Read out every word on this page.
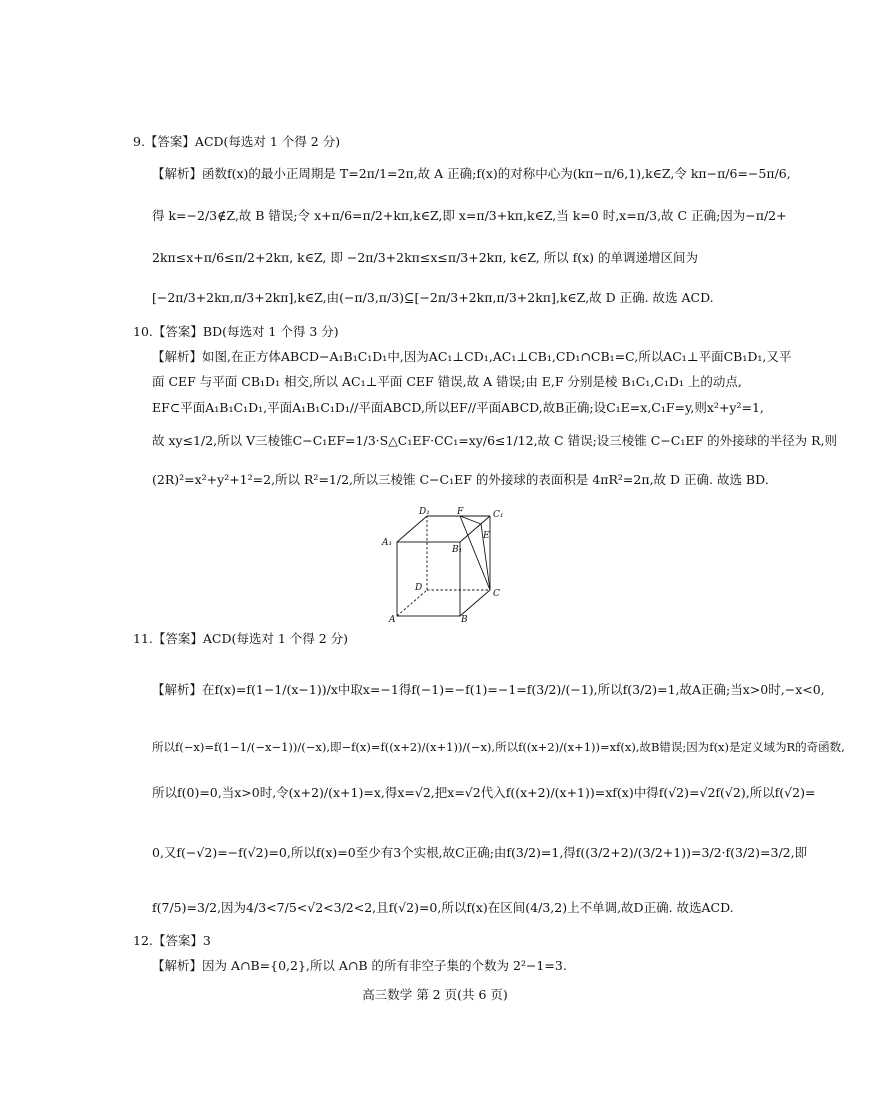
9.【答案】ACD(每选对 1 个得 2 分)
【解析】函数f(x)的最小正周期是 T=2π/1=2π,故 A 正确;f(x)的对称中心为(kπ−π/6,1),k∈Z,令 kπ−π/6=−5π/6,
得 k=−2/3∉Z,故 B 错误;令 x+π/6=π/2+kπ,k∈Z,即 x=π/3+kπ,k∈Z,当 k=0 时,x=π/3,故 C 正确;因为−π/2+
2kπ≤x+π/6≤π/2+2kπ, k∈Z, 即 −2π/3+2kπ≤x≤π/3+2kπ, k∈Z, 所以 f(x) 的单调递增区间为
[−2π/3+2kπ,π/3+2kπ],k∈Z,由(−π/3,π/3)⊆[−2π/3+2kπ,π/3+2kπ],k∈Z,故 D 正确. 故选 ACD.
10.【答案】BD(每选对 1 个得 3 分)
【解析】如图,在正方体ABCD−A₁B₁C₁D₁中,因为AC₁⊥CD₁,AC₁⊥CB₁,CD₁∩CB₁=C,所以AC₁⊥平面CB₁D₁,又平
面 CEF 与平面 CB₁D₁ 相交,所以 AC₁⊥平面 CEF 错误,故 A 错误;由 E,F 分别是棱 B₁C₁,C₁D₁ 上的动点,
EF⊂平面A₁B₁C₁D₁,平面A₁B₁C₁D₁//平面ABCD,所以EF//平面ABCD,故B正确;设C₁E=x,C₁F=y,则x²+y²=1,
故 xy≤1/2,所以 V三棱锥C−C₁EF=1/3·S△C₁EF·CC₁=xy/6≤1/12,故 C 错误;设三棱锥 C−C₁EF 的外接球的半径为 R,则
(2R)²=x²+y²+1²=2,所以 R²=1/2,所以三棱锥 C−C₁EF 的外接球的表面积是 4πR²=2π,故 D 正确. 故选 BD.
D₁	F	C₁
A₁
B₁
E
D
C
A	B
11.【答案】ACD(每选对 1 个得 2 分)
【解析】在f(x)=f(1−1/(x−1))/x中取x=−1得f(−1)=−f(1)=−1=f(3/2)/(−1),所以f(3/2)=1,故A正确;当x>0时,−x<0,
所以f(−x)=f(1−1/(−x−1))/(−x),即−f(x)=f((x+2)/(x+1))/(−x),所以f((x+2)/(x+1))=xf(x),故B错误;因为f(x)是定义域为R的奇函数,
所以f(0)=0,当x>0时,令(x+2)/(x+1)=x,得x=√2,把x=√2代入f((x+2)/(x+1))=xf(x)中得f(√2)=√2f(√2),所以f(√2)=
0,又f(−√2)=−f(√2)=0,所以f(x)=0至少有3个实根,故C正确;由f(3/2)=1,得f((3/2+2)/(3/2+1))=3/2·f(3/2)=3/2,即
f(7/5)=3/2,因为4/3<7/5<√2<3/2<2,且f(√2)=0,所以f(x)在区间(4/3,2)上不单调,故D正确. 故选ACD.
12.【答案】3
【解析】因为 A∩B={0,2},所以 A∩B 的所有非空子集的个数为 2²−1=3.
高三数学 第 2 页(共 6 页)
